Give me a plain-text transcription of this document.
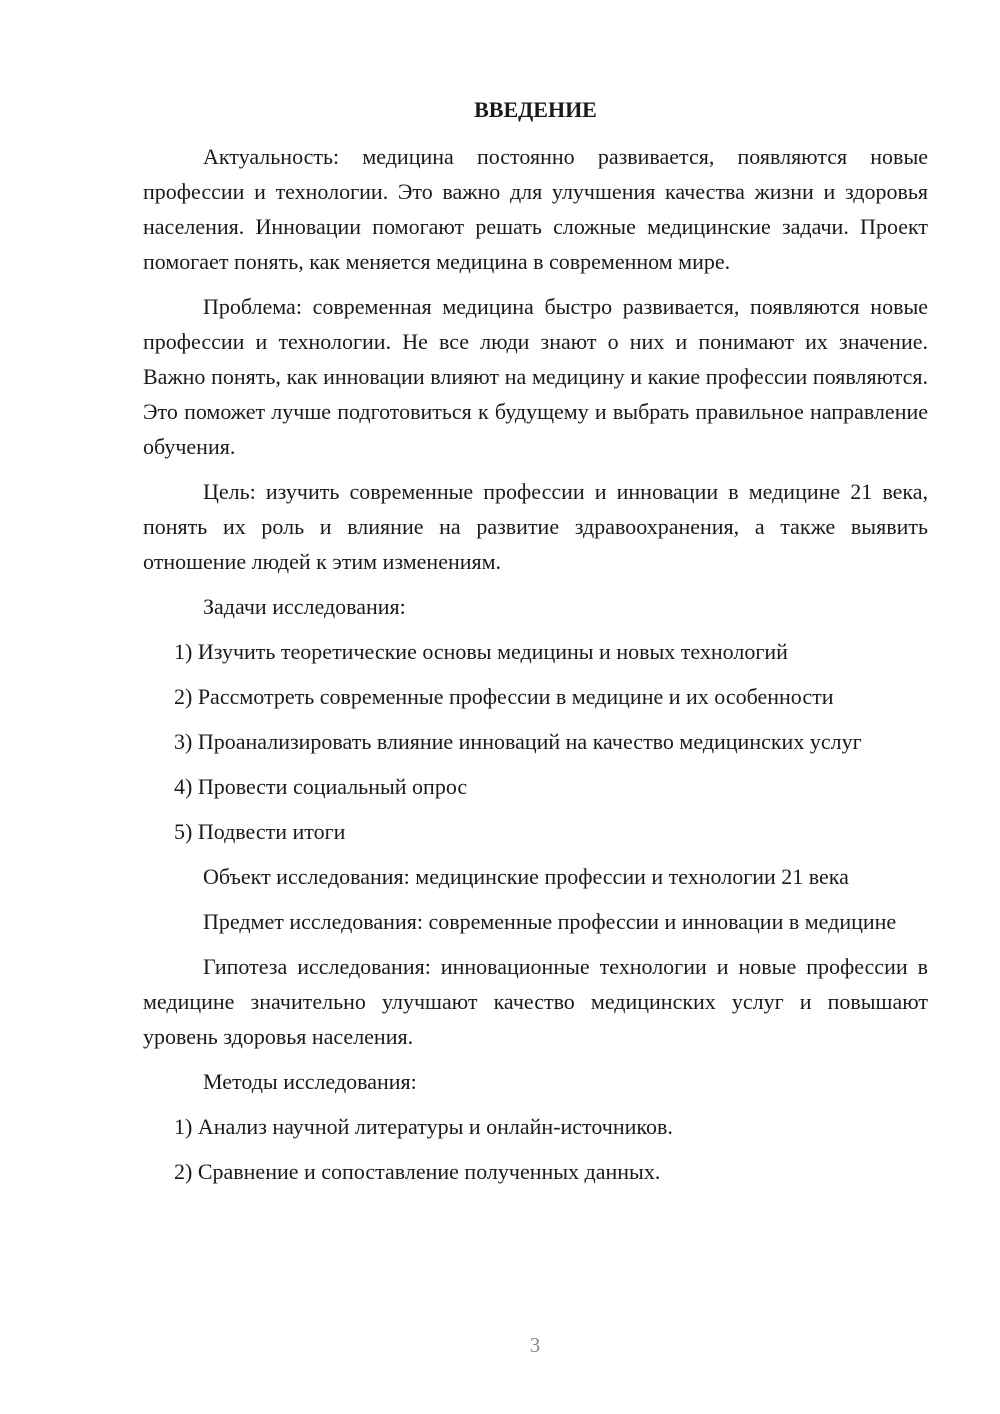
ВВЕДЕНИЕ

Актуальность: медицина постоянно развивается, появляются новые профессии и технологии. Это важно для улучшения качества жизни и здоровья населения. Инновации помогают решать сложные медицинские задачи. Проект помогает понять, как меняется медицина в современном мире.

Проблема: современная медицина быстро развивается, появляются новые профессии и технологии. Не все люди знают о них и понимают их значение. Важно понять, как инновации влияют на медицину и какие профессии появляются. Это поможет лучше подготовиться к будущему и выбрать правильное направление обучения.

Цель: изучить современные профессии и инновации в медицине 21 века, понять их роль и влияние на развитие здравоохранения, а также выявить отношение людей к этим изменениям.

Задачи исследования:

1) Изучить теоретические основы медицины и новых технологий

2) Рассмотреть современные профессии в медицине и их особенности

3) Проанализировать влияние инноваций на качество медицинских услуг

4) Провести социальный опрос

5) Подвести итоги

Объект исследования: медицинские профессии и технологии 21 века

Предмет исследования: современные профессии и инновации в медицине

Гипотеза исследования: инновационные технологии и новые профессии в медицине значительно улучшают качество медицинских услуг и повышают уровень здоровья населения.

Методы исследования:

1) Анализ научной литературы и онлайн-источников.

2) Сравнение и сопоставление полученных данных.

3
